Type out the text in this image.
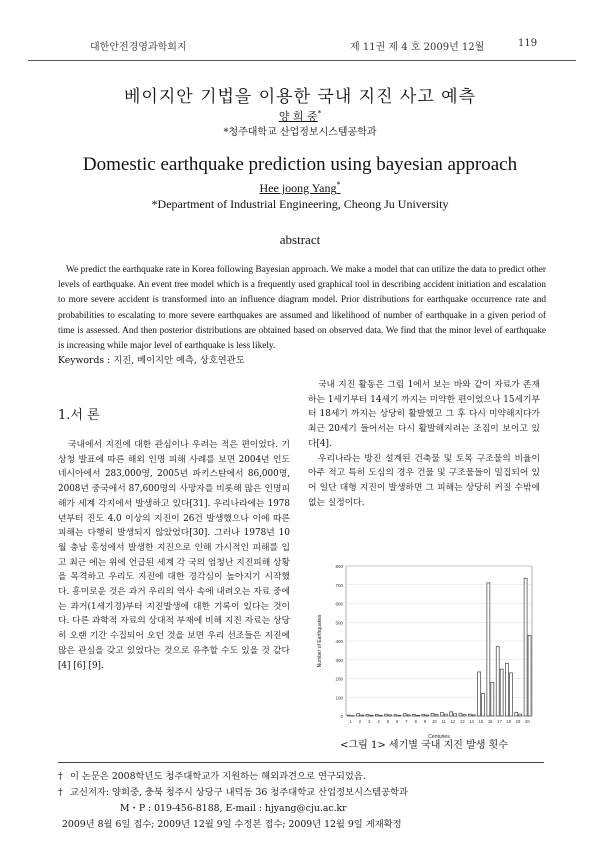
대한안전경영과학회지	제 11권 제 4 호 2009년 12월	119
베이지안 기법을 이용한 국내 지진 사고 예측
양 희 중*
*청주대학교 산업정보시스템공학과
Domestic earthquake prediction using bayesian approach
Hee joong Yang*
*Department of Industrial Engineering, Cheong Ju University
abstract
We predict the earthquake rate in Korea following Bayesian approach. We make a model that can utilize the data to predict other levels of earthquake. An event tree model which is a frequently used graphical tool in describing accident initiation and escalation to more severe accident is transformed into an influence diagram model. Prior distributions for earthquake occurrence rate and probabilities to escalating to more severe earthquakes are assumed and likelihood of number of earthquake in a given period of time is assessed. And then posterior distributions are obtained based on observed data. We find that the minor level of earthquake is increasing while major level of earthquake is less likely.
Keywords : 지진, 베이지안 예측, 상호연관도
1.서 론

국내에서 지진에 대한 관심이나 우려는 적은 편이었다. 기상청 발표에 따른 해외 인명 피해 사례를 보면 2004년 인도네시아에서 283,000명, 2005년 파키스탄에서 86,000명, 2008년 중국에서 87,600명의 사망자를 비롯해 많은 인명피해가 세계 각지에서 발생하고 있다[31]. 우리나라에는 1978년부터 진도 4.0 이상의 지진이 26건 발생했으나 이에 따른 피해는 다행히 발생되지 않았었다[30]. 그러나 1978년 10월 충남 홍성에서 발생한 지진으로 인해 가시적인 피해를 입고 최근 에는 위에 언급된 세계 각 국의 엄청난 지진피해 상황을 목격하고 우리도 지진에 대한 경각심이 높아지기 시작했다. 흥미로운 것은 과거 우리의 역사 속에 내려오는 자료 중에는 과거(1세기경)부터 지진발생에 대한 기록이 있다는 것이다. 다른 과학적 자료의 상대적 부재에 비해 지진 자료는 상당히 오랜 기간 수집되어 오던 것을 보면 우리 선조들은 지진에 많은 관심을 갖고 있었다는 것으로 유추할 수도 있을 것 같다[4] [6] [9].

국내 지진 활동은 그림 1에서 보는 바와 같이 자료가 존재하는 1세기부터 14세기 까지는 미약한 편이었으나 15세기부터 18세기 까지는 상당히 활발했고 그 후 다시 미약해지다가 최근 20세기 들어서는 다시 활발해지려는 조짐이 보이고 있다[4].

우리나라는 방진 설계된 건축물 및 토목 구조물의 비율이 아주 적고 특히 도심의 경우 건물 및 구조물들이 밀집되어 있어 일단 대형 지진이 발생하면 그 피해는 상당히 커질 수밖에 없는 실정이다.

0
100
200
300
400
500
600
700
800
1 2 3 4 5 6 7 8 9 10 11 12 13 14 15 16 17 18 19 20
Centuries
Number of Earthquakes
<그림 1> 세기별 국내 지진 발생 횟수
† 이 논문은 2008학년도 청주대학교가 지원하는 해외과견으로 연구되었음.
† 교신저자: 양희중, 충북 청주시 상당구 내덕동 36 청주대학교 산업정보시스템공학과
M・P : 019-456-8188, E-mail : hjyang@cju.ac.kr
2009년 8월 6일 접수; 2009년 12월 9일 수정본 접수; 2009년 12월 9일 게재확정
